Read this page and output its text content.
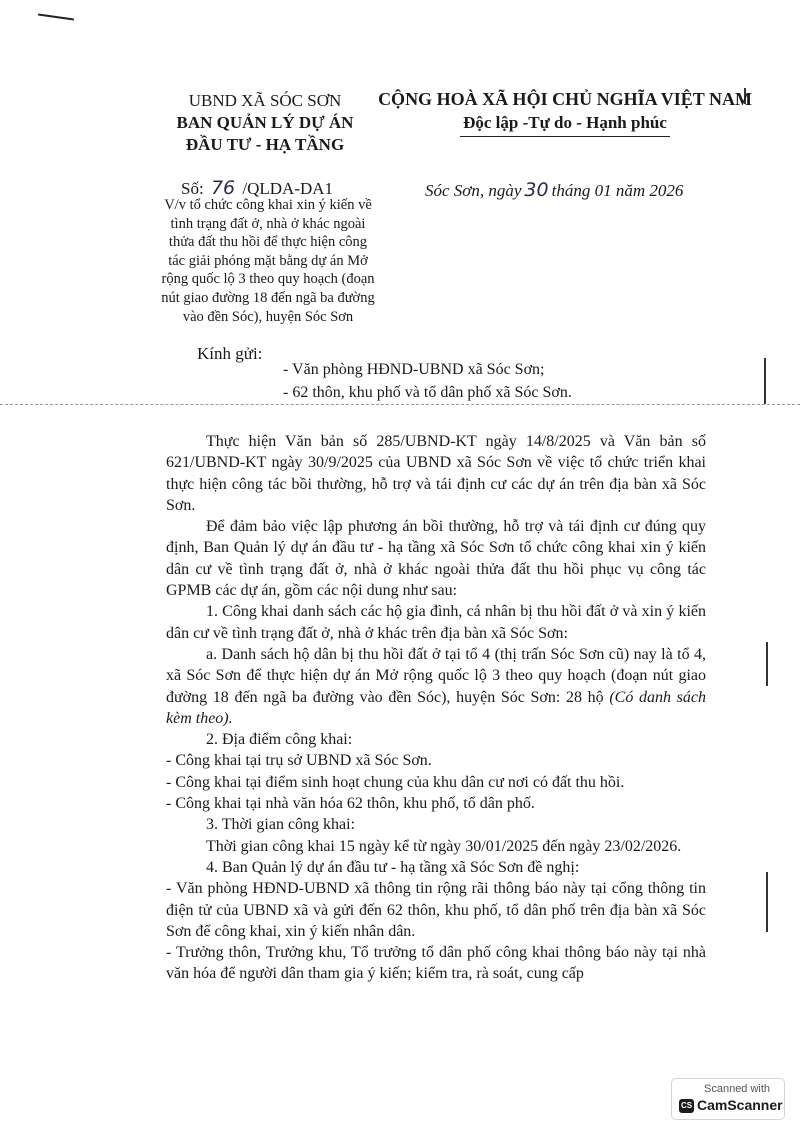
UBND XÃ SÓC SƠN
BAN QUẢN LÝ DỰ ÁN
ĐẦU TƯ - HẠ TẦNG
CỘNG HOÀ XÃ HỘI CHỦ NGHĨA VIỆT NAM
Độc lập -Tự do - Hạnh phúc
Số: 76 /QLDA-DA1
V/v tổ chức công khai xin ý kiến về
tình trạng đất ở, nhà ở khác ngoài
thửa đất thu hồi để thực hiện công
tác giải phóng mặt bằng dự án Mở
rộng quốc lộ 3 theo quy hoạch (đoạn
nút giao đường 18 đến ngã ba đường
vào đền Sóc), huyện Sóc Sơn
Sóc Sơn, ngày 30 tháng 01 năm 2026
Kính gửi:
- Văn phòng HĐND-UBND xã Sóc Sơn;
- 62 thôn, khu phố và tổ dân phố xã Sóc Sơn.

Thực hiện Văn bản số 285/UBND-KT ngày 14/8/2025 và Văn bản số 621/UBND-KT ngày 30/9/2025 của UBND xã Sóc Sơn về việc tổ chức triển khai thực hiện công tác bồi thường, hỗ trợ và tái định cư các dự án trên địa bàn xã Sóc Sơn.

Để đảm bảo việc lập phương án bồi thường, hỗ trợ và tái định cư đúng quy định, Ban Quản lý dự án đầu tư - hạ tầng xã Sóc Sơn tổ chức công khai xin ý kiến dân cư về tình trạng đất ở, nhà ở khác ngoài thửa đất thu hồi phục vụ công tác GPMB các dự án, gồm các nội dung như sau:

1. Công khai danh sách các hộ gia đình, cá nhân bị thu hồi đất ở và xin ý kiến dân cư về tình trạng đất ở, nhà ở khác trên địa bàn xã Sóc Sơn:

a. Danh sách hộ dân bị thu hồi đất ở tại tổ 4 (thị trấn Sóc Sơn cũ) nay là tổ 4, xã Sóc Sơn để thực hiện dự án Mở rộng quốc lộ 3 theo quy hoạch (đoạn nút giao đường 18 đến ngã ba đường vào đền Sóc), huyện Sóc Sơn: 28 hộ (Có danh sách kèm theo).

2. Địa điểm công khai:

- Công khai tại trụ sở UBND xã Sóc Sơn.

- Công khai tại điểm sinh hoạt chung của khu dân cư nơi có đất thu hồi.

- Công khai tại nhà văn hóa 62 thôn, khu phố, tổ dân phố.

3. Thời gian công khai:

Thời gian công khai 15 ngày kể từ ngày 30/01/2025 đến ngày 23/02/2026.

4. Ban Quản lý dự án đầu tư - hạ tầng xã Sóc Sơn đề nghị:

- Văn phòng HĐND-UBND xã thông tin rộng rãi thông báo này tại cổng thông tin điện tử của UBND xã và gửi đến 62 thôn, khu phố, tổ dân phố trên địa bàn xã Sóc Sơn để công khai, xin ý kiến nhân dân.

- Trưởng thôn, Trưởng khu, Tổ trưởng tổ dân phố công khai thông báo này tại nhà văn hóa để người dân tham gia ý kiến; kiểm tra, rà soát, cung cấp

Scanned with
CS CamScanner
